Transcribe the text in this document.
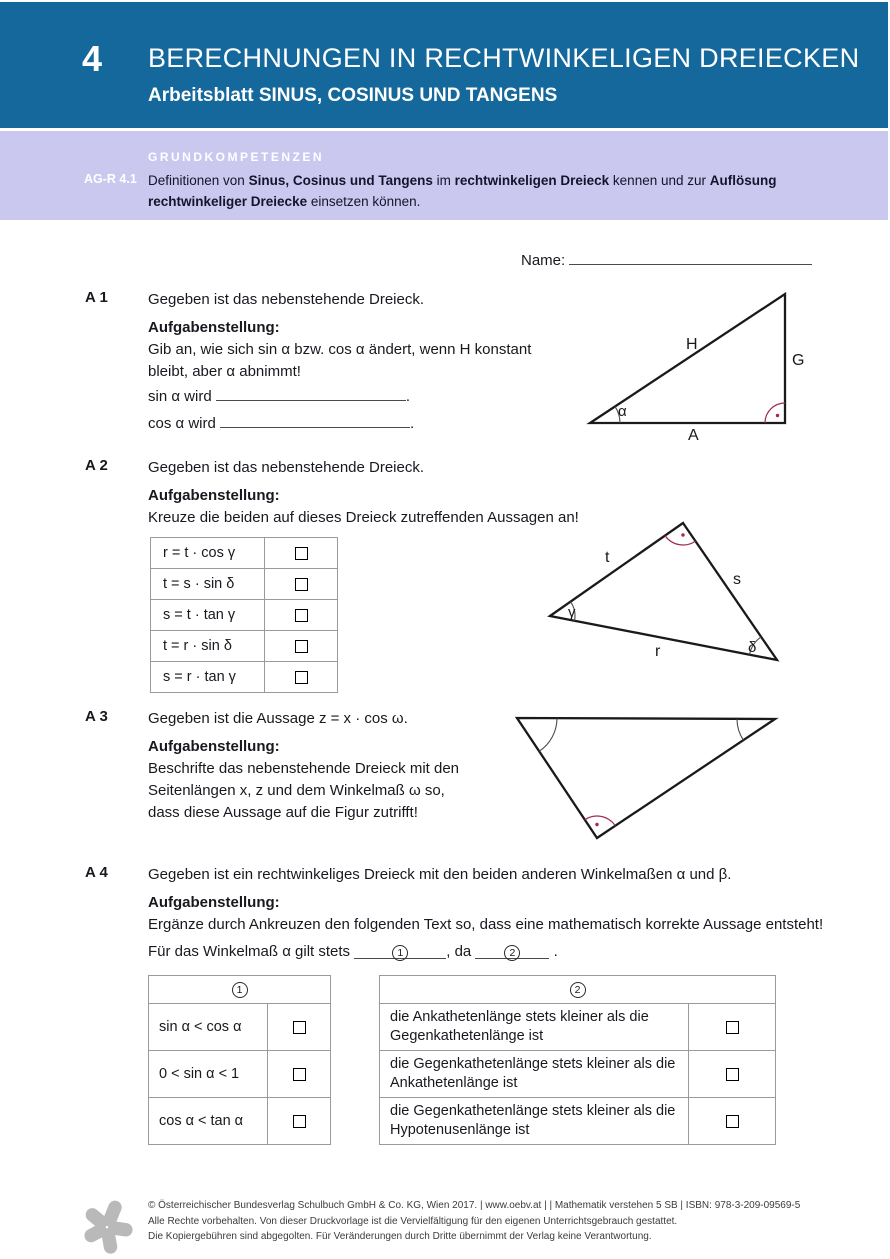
4 BERECHNUNGEN IN RECHTWINKELIGEN DREIECKEN
Arbeitsblatt SINUS, COSINUS UND TANGENS
GRUNDKOMPETENZEN
AG-R 4.1 Definitionen von Sinus, Cosinus und Tangens im rechtwinkeligen Dreieck kennen und zur Auflösung rechtwinkeliger Dreiecke einsetzen können.

Name:
A 1	Gegeben ist das nebenstehende Dreieck.
Aufgabenstellung:
Gib an, wie sich sin α bzw. cos α ändert, wenn H konstant bleibt, aber α abnimmt!
sin α wird	.
cos α wird	.
H
G
A
α
A 2	Gegeben ist das nebenstehende Dreieck.
Aufgabenstellung:
Kreuze die beiden auf dieses Dreieck zutreffenden Aussagen an!
r = t · cos γ	
t = s · sin δ	
s = t · tan γ	
t = r · sin δ	
s = r · tan γ	
t
s
r
γ
δ
A 3	Gegeben ist die Aussage z = x · cos ω.
Aufgabenstellung:
Beschrifte das nebenstehende Dreieck mit den Seitenlängen x, z und dem Winkelmaß ω so, dass diese Aussage auf die Figur zutrifft!
A 4	Gegeben ist ein rechtwinkeliges Dreieck mit den beiden anderen Winkelmaßen α und β.
Aufgabenstellung:
Ergänze durch Ankreuzen den folgenden Text so, dass eine mathematisch korrekte Aussage entsteht!
Für das Winkelmaß α gilt stets	1	, da	2	.
1	
sin α < cos α	
0 < sin α < 1	
cos α < tan α	
2	
die Ankathetenlänge stets kleiner als die Gegenkathetenlänge ist	
die Gegenkathetenlänge stets kleiner als die Ankathetenlänge ist	
die Gegenkathetenlänge stets kleiner als die Hypotenusenlänge ist	
© Österreichischer Bundesverlag Schulbuch GmbH & Co. KG, Wien 2017. | www.oebv.at | | Mathematik verstehen 5 SB | ISBN: 978-3-209-09569-5
Alle Rechte vorbehalten. Von dieser Druckvorlage ist die Vervielfältigung für den eigenen Unterrichtsgebrauch gestattet.
Die Kopiergebühren sind abgegolten. Für Veränderungen durch Dritte übernimmt der Verlag keine Verantwortung.
